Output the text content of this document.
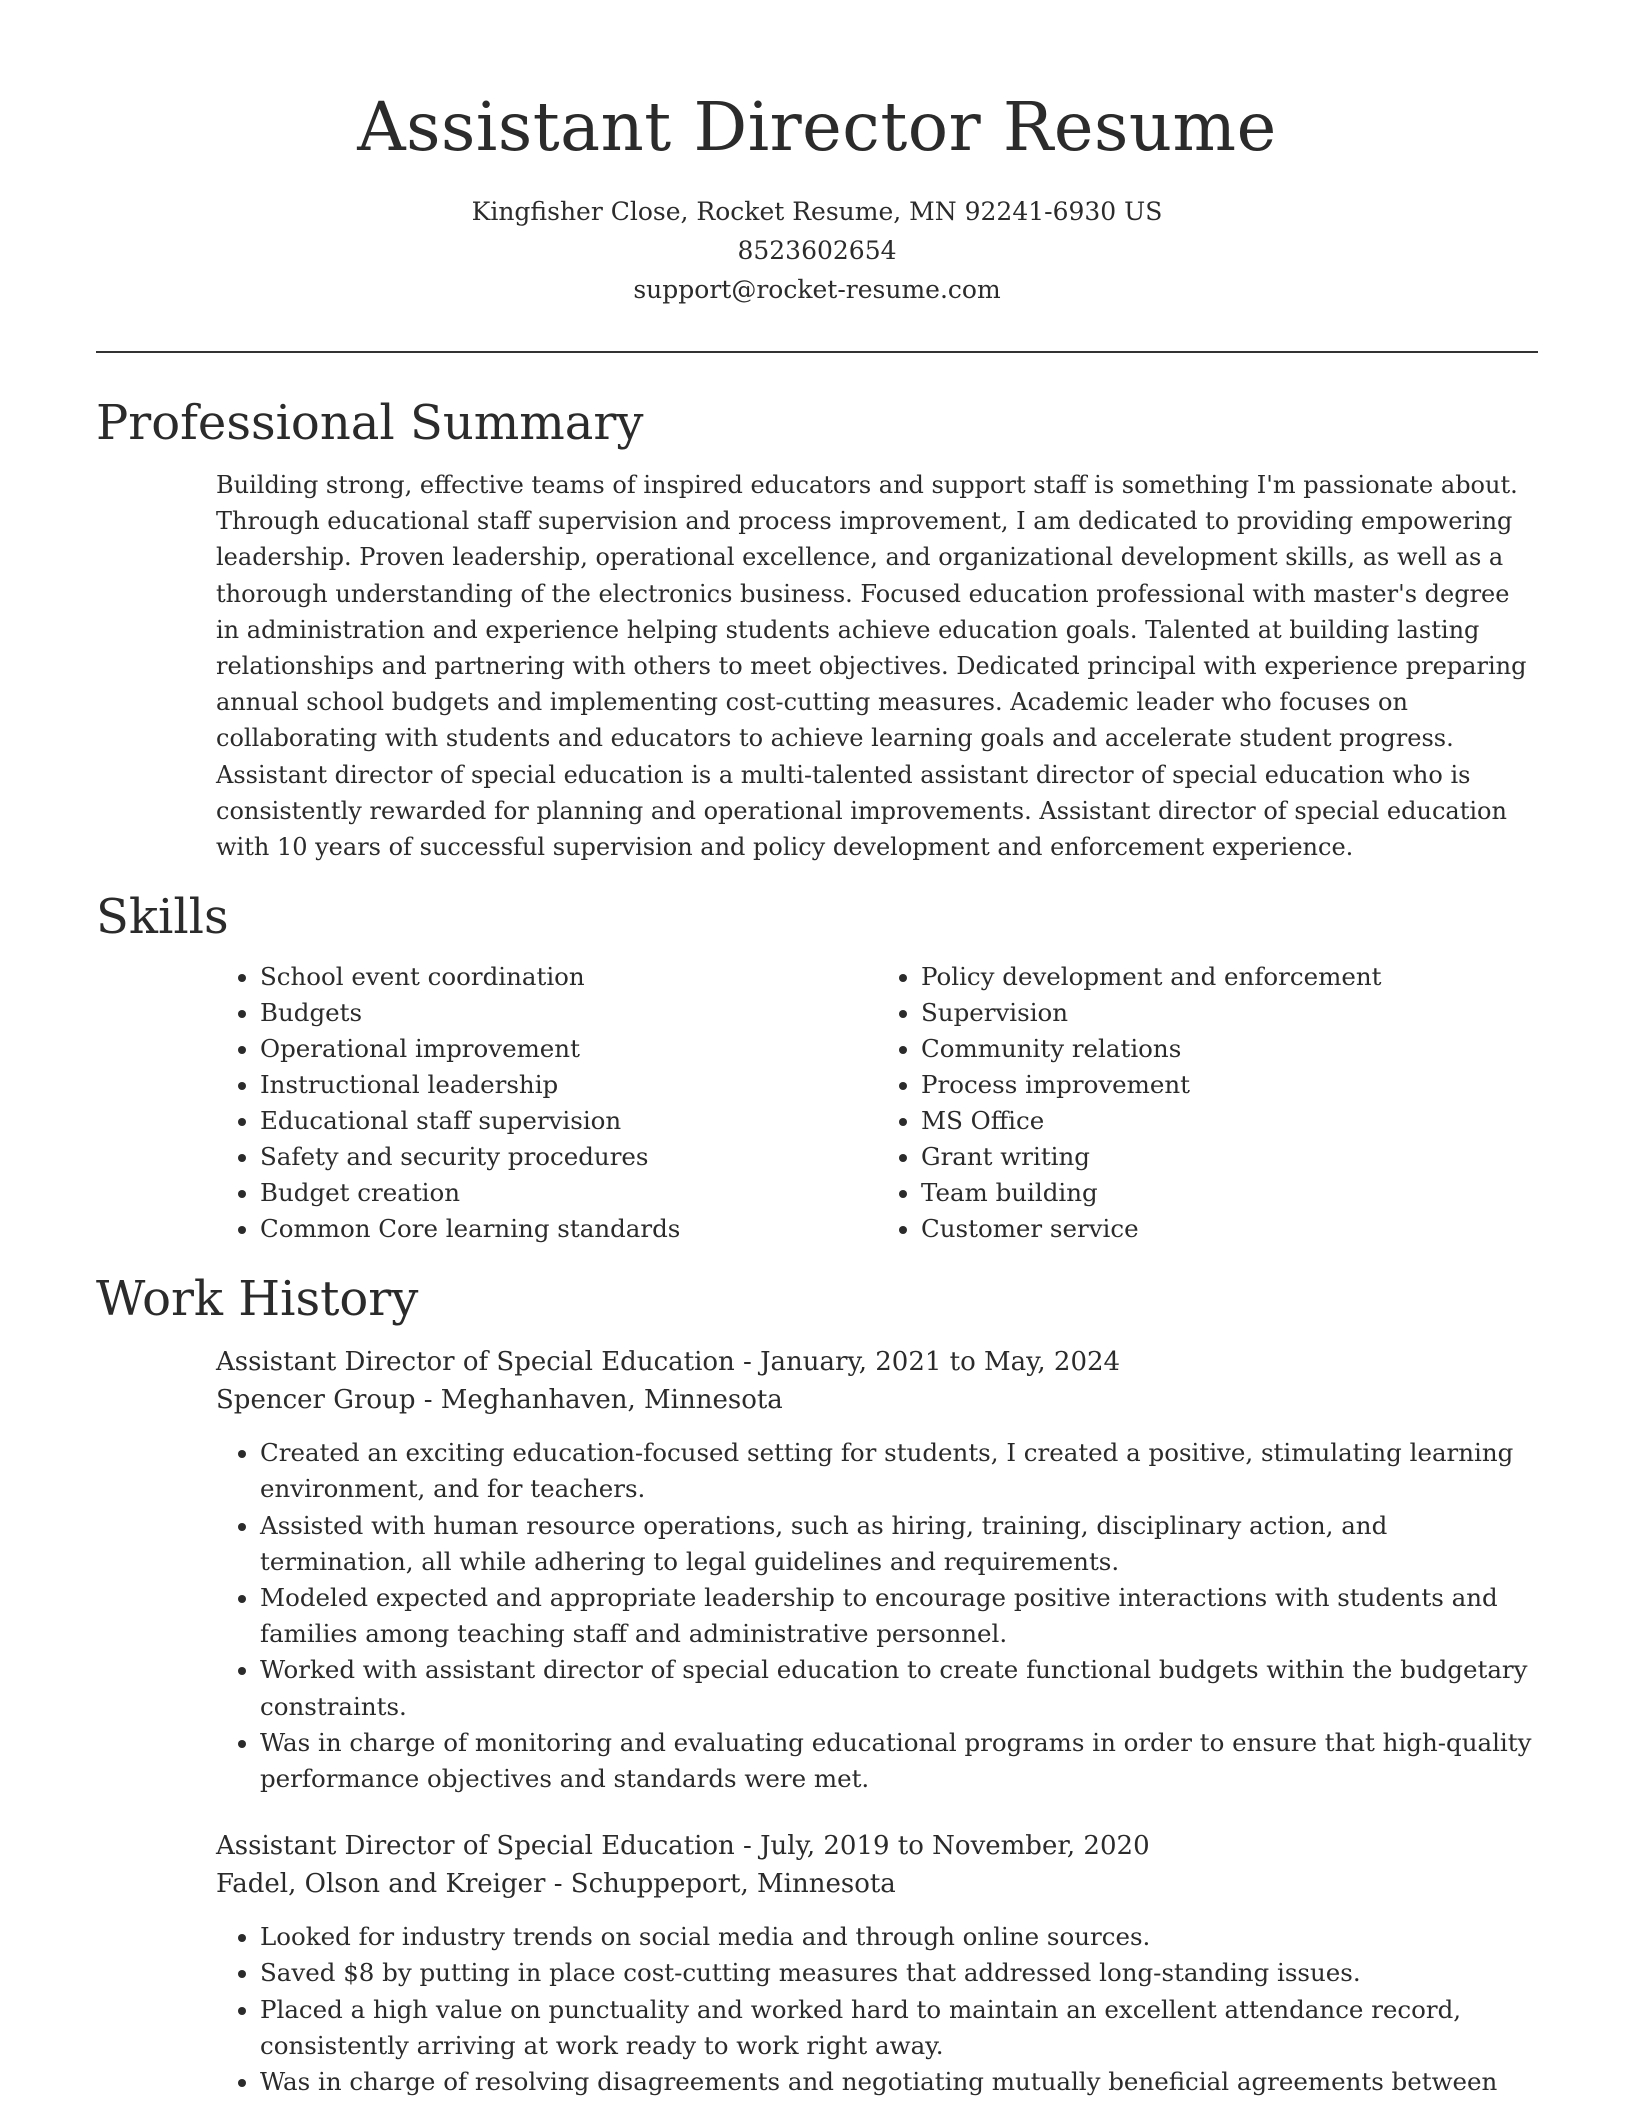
Assistant Director Resume
Kingfisher Close, Rocket Resume, MN 92241-6930 US
8523602654
support@rocket-resume.com
Professional Summary
Building strong, effective teams of inspired educators and support staff is something I'm passionate about. Through educational staff supervision and process improvement, I am dedicated to providing empowering leadership. Proven leadership, operational excellence, and organizational development skills, as well as a thorough understanding of the electronics business. Focused education professional with master's degree in administration and experience helping students achieve education goals. Talented at building lasting relationships and partnering with others to meet objectives. Dedicated principal with experience preparing annual school budgets and implementing cost-cutting measures. Academic leader who focuses on collaborating with students and educators to achieve learning goals and accelerate student progress. Assistant director of special education is a multi-talented assistant director of special education who is consistently rewarded for planning and operational improvements. Assistant director of special education with 10 years of successful supervision and policy development and enforcement experience.
Skills
• School event coordination
• Budgets
• Operational improvement
• Instructional leadership
• Educational staff supervision
• Safety and security procedures
• Budget creation
• Common Core learning standards
• Policy development and enforcement
• Supervision
• Community relations
• Process improvement
• MS Office
• Grant writing
• Team building
• Customer service
Work History
Assistant Director of Special Education - January, 2021 to May, 2024
Spencer Group - Meghanhaven, Minnesota
• Created an exciting education-focused setting for students, I created a positive, stimulating learning environment, and for teachers.
• Assisted with human resource operations, such as hiring, training, disciplinary action, and termination, all while adhering to legal guidelines and requirements.
• Modeled expected and appropriate leadership to encourage positive interactions with students and families among teaching staff and administrative personnel.
• Worked with assistant director of special education to create functional budgets within the budgetary constraints.
• Was in charge of monitoring and evaluating educational programs in order to ensure that high-quality performance objectives and standards were met.
Assistant Director of Special Education - July, 2019 to November, 2020
Fadel, Olson and Kreiger - Schuppeport, Minnesota
• Looked for industry trends on social media and through online sources.
• Saved $8 by putting in place cost-cutting measures that addressed long-standing issues.
• Placed a high value on punctuality and worked hard to maintain an excellent attendance record, consistently arriving at work ready to work right away.
• Was in charge of resolving disagreements and negotiating mutually beneficial agreements between
